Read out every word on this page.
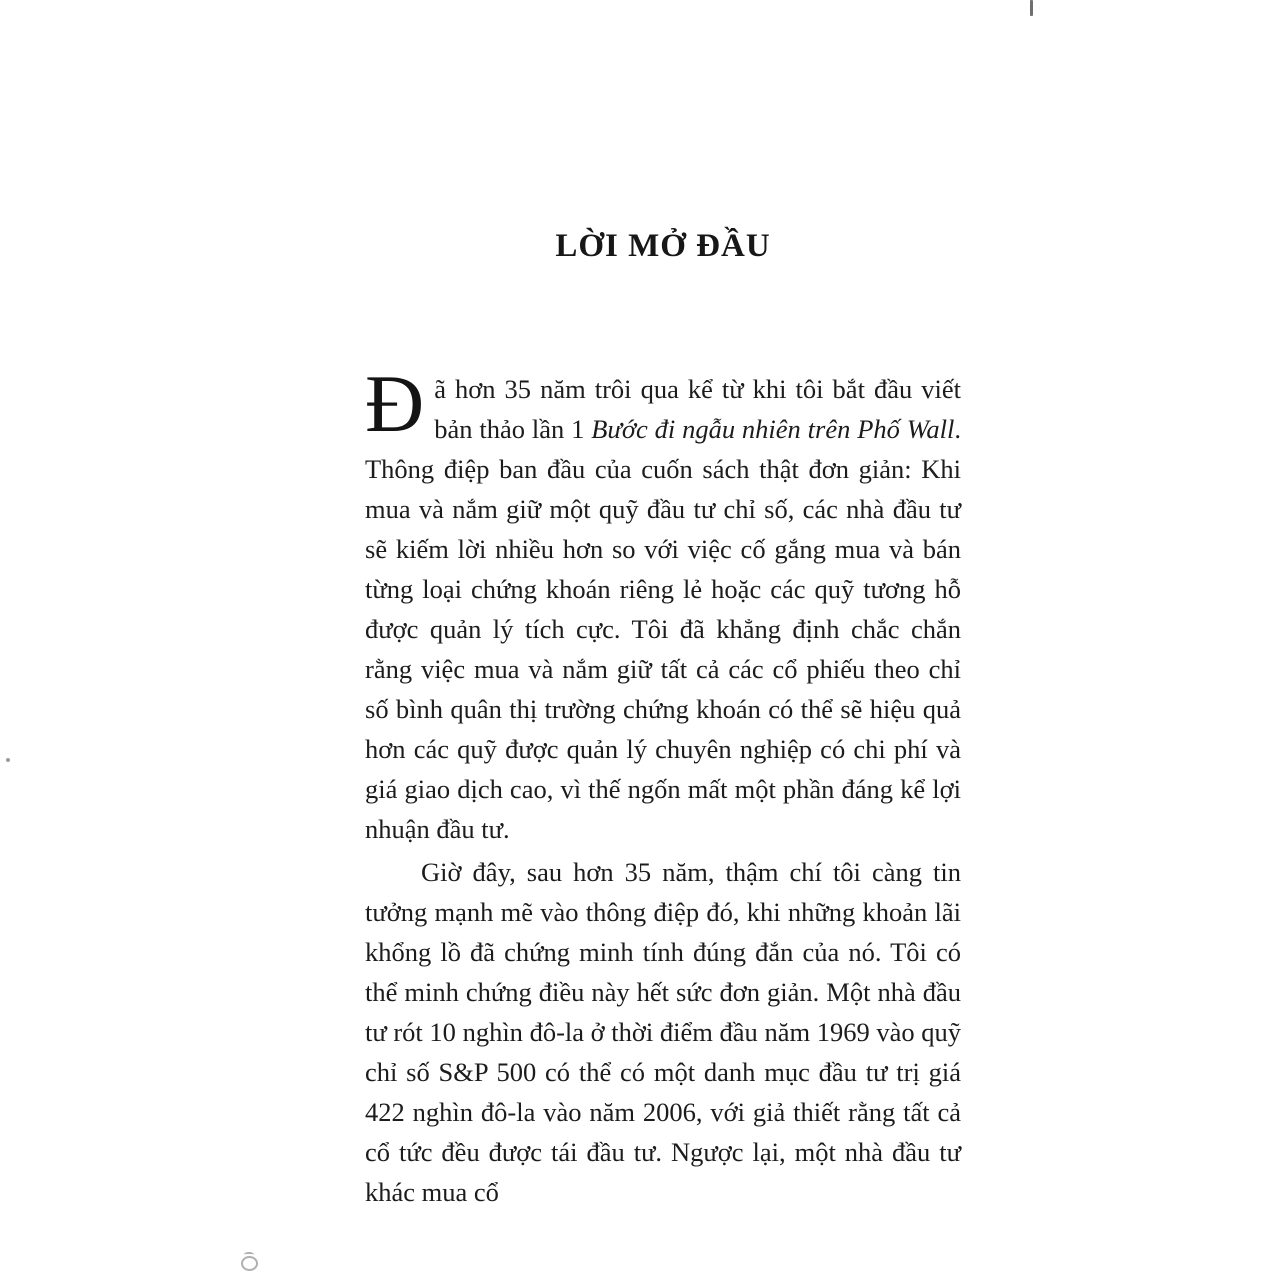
LỜI MỞ ĐẦU

Đã hơn 35 năm trôi qua kể từ khi tôi bắt đầu viết bản thảo lần 1 Bước đi ngẫu nhiên trên Phố Wall. Thông điệp ban đầu của cuốn sách thật đơn giản: Khi mua và nắm giữ một quỹ đầu tư chỉ số, các nhà đầu tư sẽ kiếm lời nhiều hơn so với việc cố gắng mua và bán từng loại chứng khoán riêng lẻ hoặc các quỹ tương hỗ được quản lý tích cực. Tôi đã khẳng định chắc chắn rằng việc mua và nắm giữ tất cả các cổ phiếu theo chỉ số bình quân thị trường chứng khoán có thể sẽ hiệu quả hơn các quỹ được quản lý chuyên nghiệp có chi phí và giá giao dịch cao, vì thế ngốn mất một phần đáng kể lợi nhuận đầu tư.

Giờ đây, sau hơn 35 năm, thậm chí tôi càng tin tưởng mạnh mẽ vào thông điệp đó, khi những khoản lãi khổng lồ đã chứng minh tính đúng đắn của nó. Tôi có thể minh chứng điều này hết sức đơn giản. Một nhà đầu tư rót 10 nghìn đô-la ở thời điểm đầu năm 1969 vào quỹ chỉ số S&P 500 có thể có một danh mục đầu tư trị giá 422 nghìn đô-la vào năm 2006, với giả thiết rằng tất cả cổ tức đều được tái đầu tư. Ngược lại, một nhà đầu tư khác mua cổ
